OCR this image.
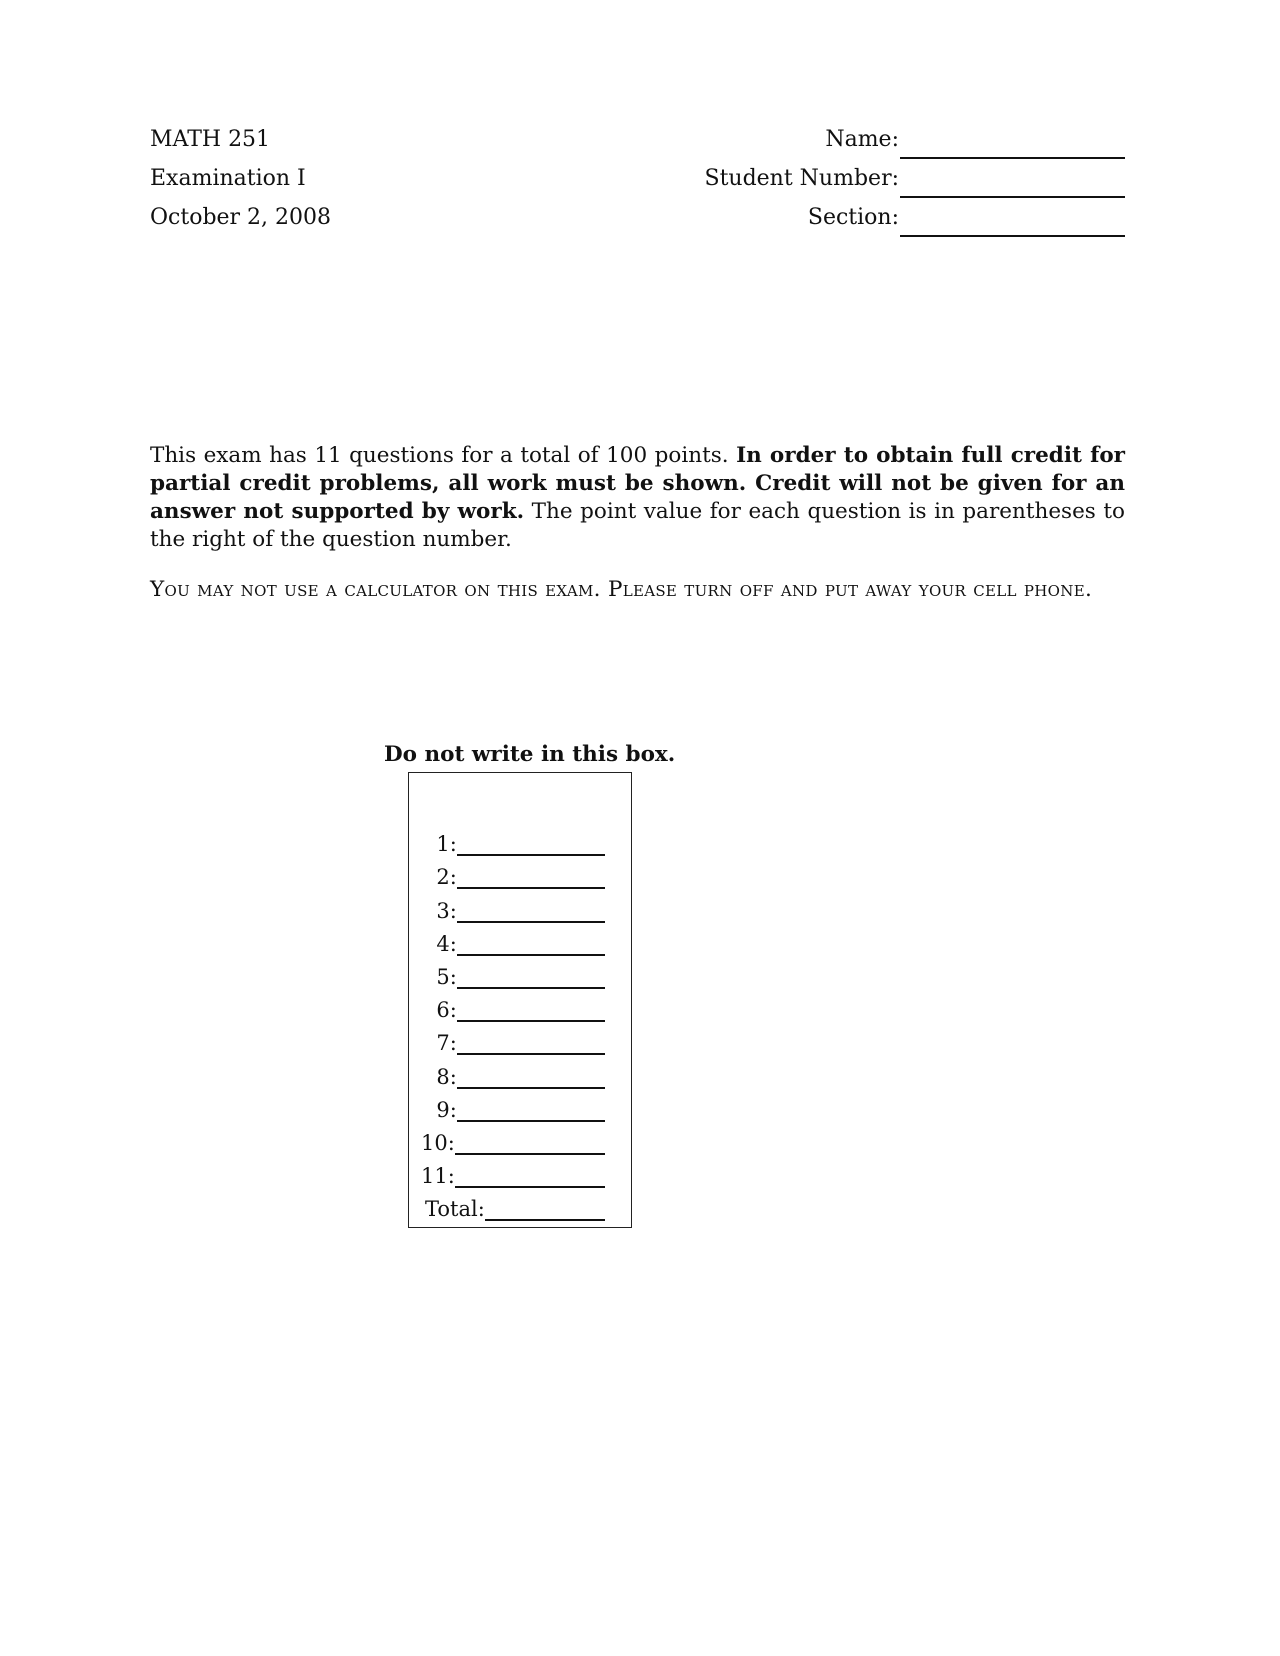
MATH 251
Examination I
October 2, 2008
Name:
Student Number:
Section:
This exam has 11 questions for a total of 100 points. In order to obtain full credit for partial credit problems, all work must be shown. Credit will not be given for an answer not supported by work. The point value for each question is in parentheses to the right of the question number.
You may not use a calculator on this exam. Please turn off and put away your cell phone.
Do not write in this box.
1:
2:
3:
4:
5:
6:
7:
8:
9:
10:
11:
Total:
